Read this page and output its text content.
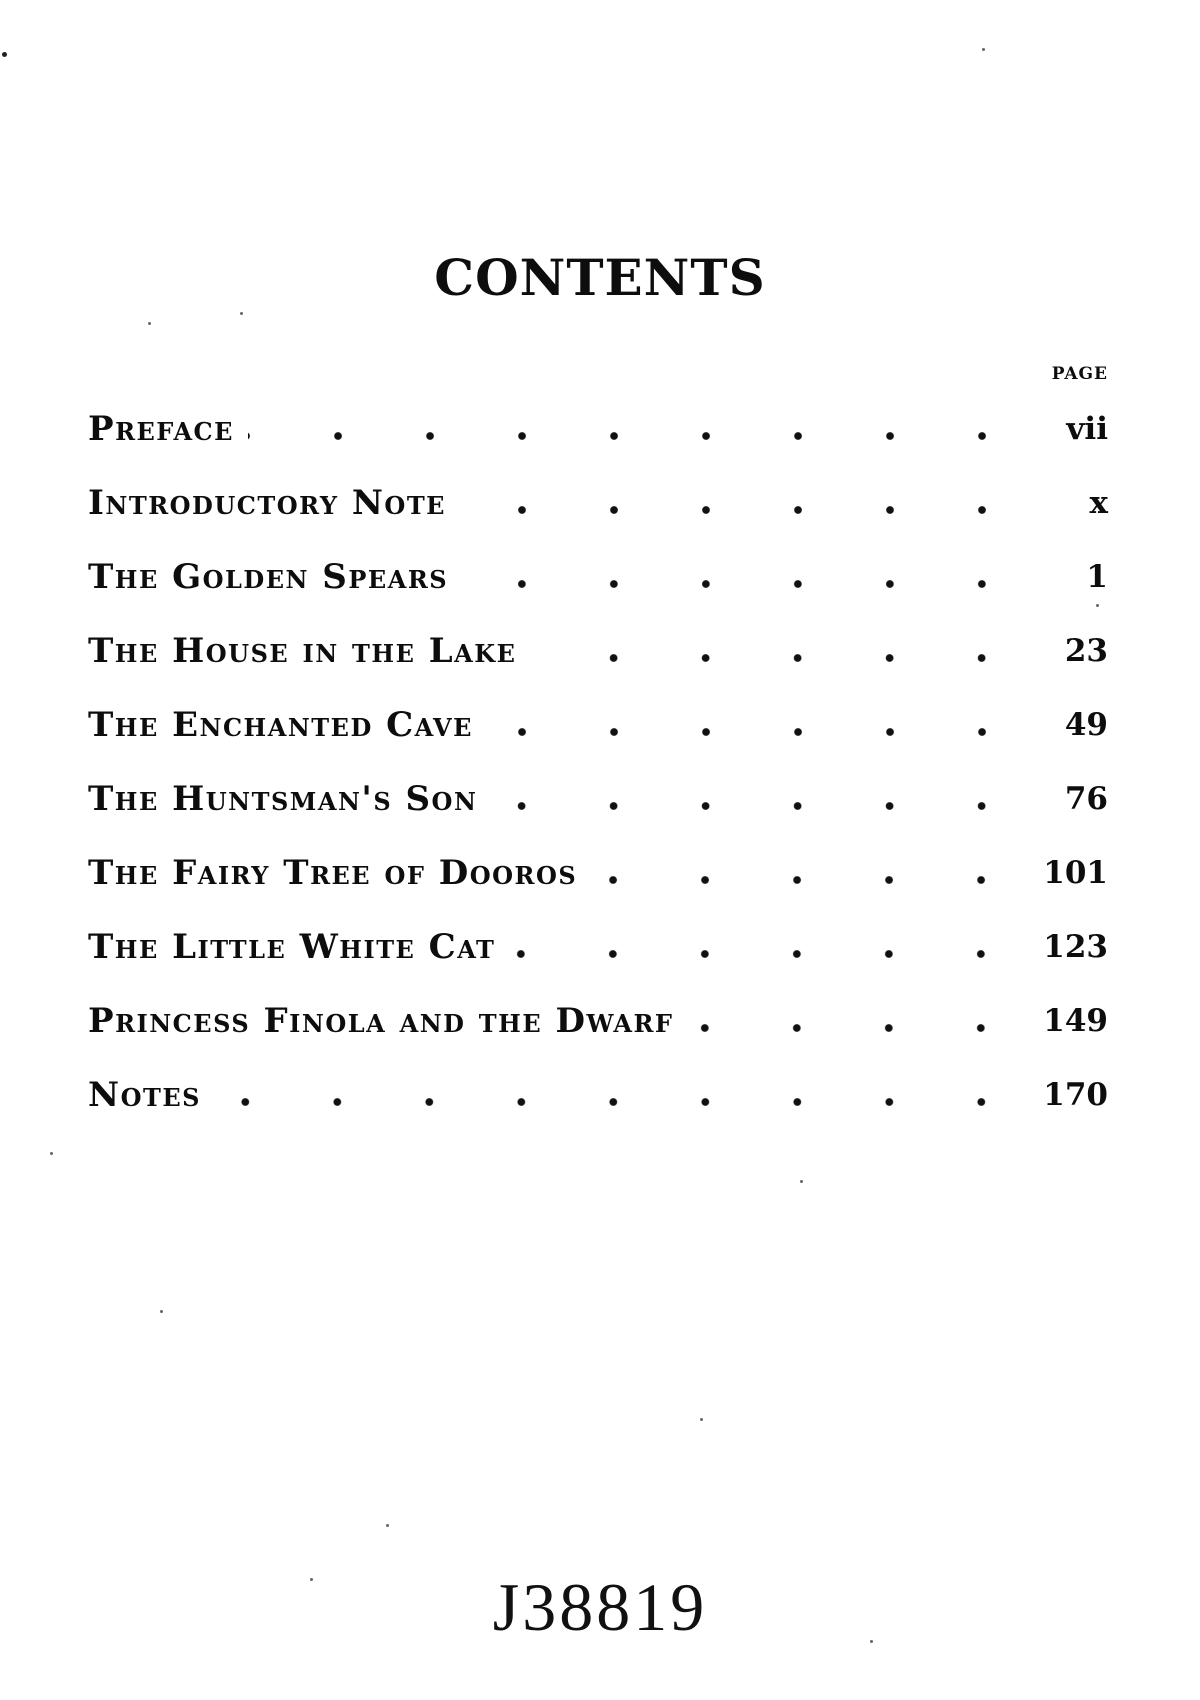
CONTENTS
PAGE
Preface	vii
Introductory Note	x
The Golden Spears	1
The House in the Lake	23
The Enchanted Cave	49
The Huntsman's Son	76
The Fairy Tree of Dooros	101
The Little White Cat	123
Princess Finola and the Dwarf	149
Notes	170
J38819
